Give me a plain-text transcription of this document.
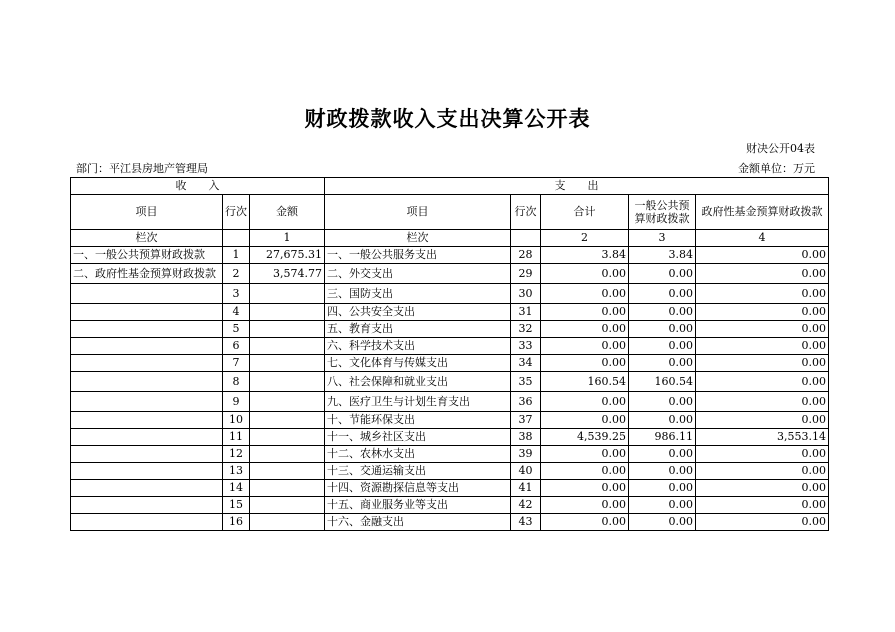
财政拨款收入支出决算公开表
财决公开04表
部门：平江县房地产管理局	金额单位：万元
收　　入			支　　出				
项目	行次	金额	项目	行次	合计	一般公共预算财政拨款	政府性基金预算财政拨款
栏次		1	栏次		2	3	4
一、一般公共预算财政拨款	1	27,675.31	一、一般公共服务支出	28	3.84	3.84	0.00
二、政府性基金预算财政拨款	2	3,574.77	二、外交支出	29	0.00	0.00	0.00
	3		三、国防支出	30	0.00	0.00	0.00
	4		四、公共安全支出	31	0.00	0.00	0.00
	5		五、教育支出	32	0.00	0.00	0.00
	6		六、科学技术支出	33	0.00	0.00	0.00
	7		七、文化体育与传媒支出	34	0.00	0.00	0.00
	8		八、社会保障和就业支出	35	160.54	160.54	0.00
	9		九、医疗卫生与计划生育支出	36	0.00	0.00	0.00
	10		十、节能环保支出	37	0.00	0.00	0.00
	11		十一、城乡社区支出	38	4,539.25	986.11	3,553.14
	12		十二、农林水支出	39	0.00	0.00	0.00
	13		十三、交通运输支出	40	0.00	0.00	0.00
	14		十四、资源勘探信息等支出	41	0.00	0.00	0.00
	15		十五、商业服务业等支出	42	0.00	0.00	0.00
	16		十六、金融支出	43	0.00	0.00	0.00
